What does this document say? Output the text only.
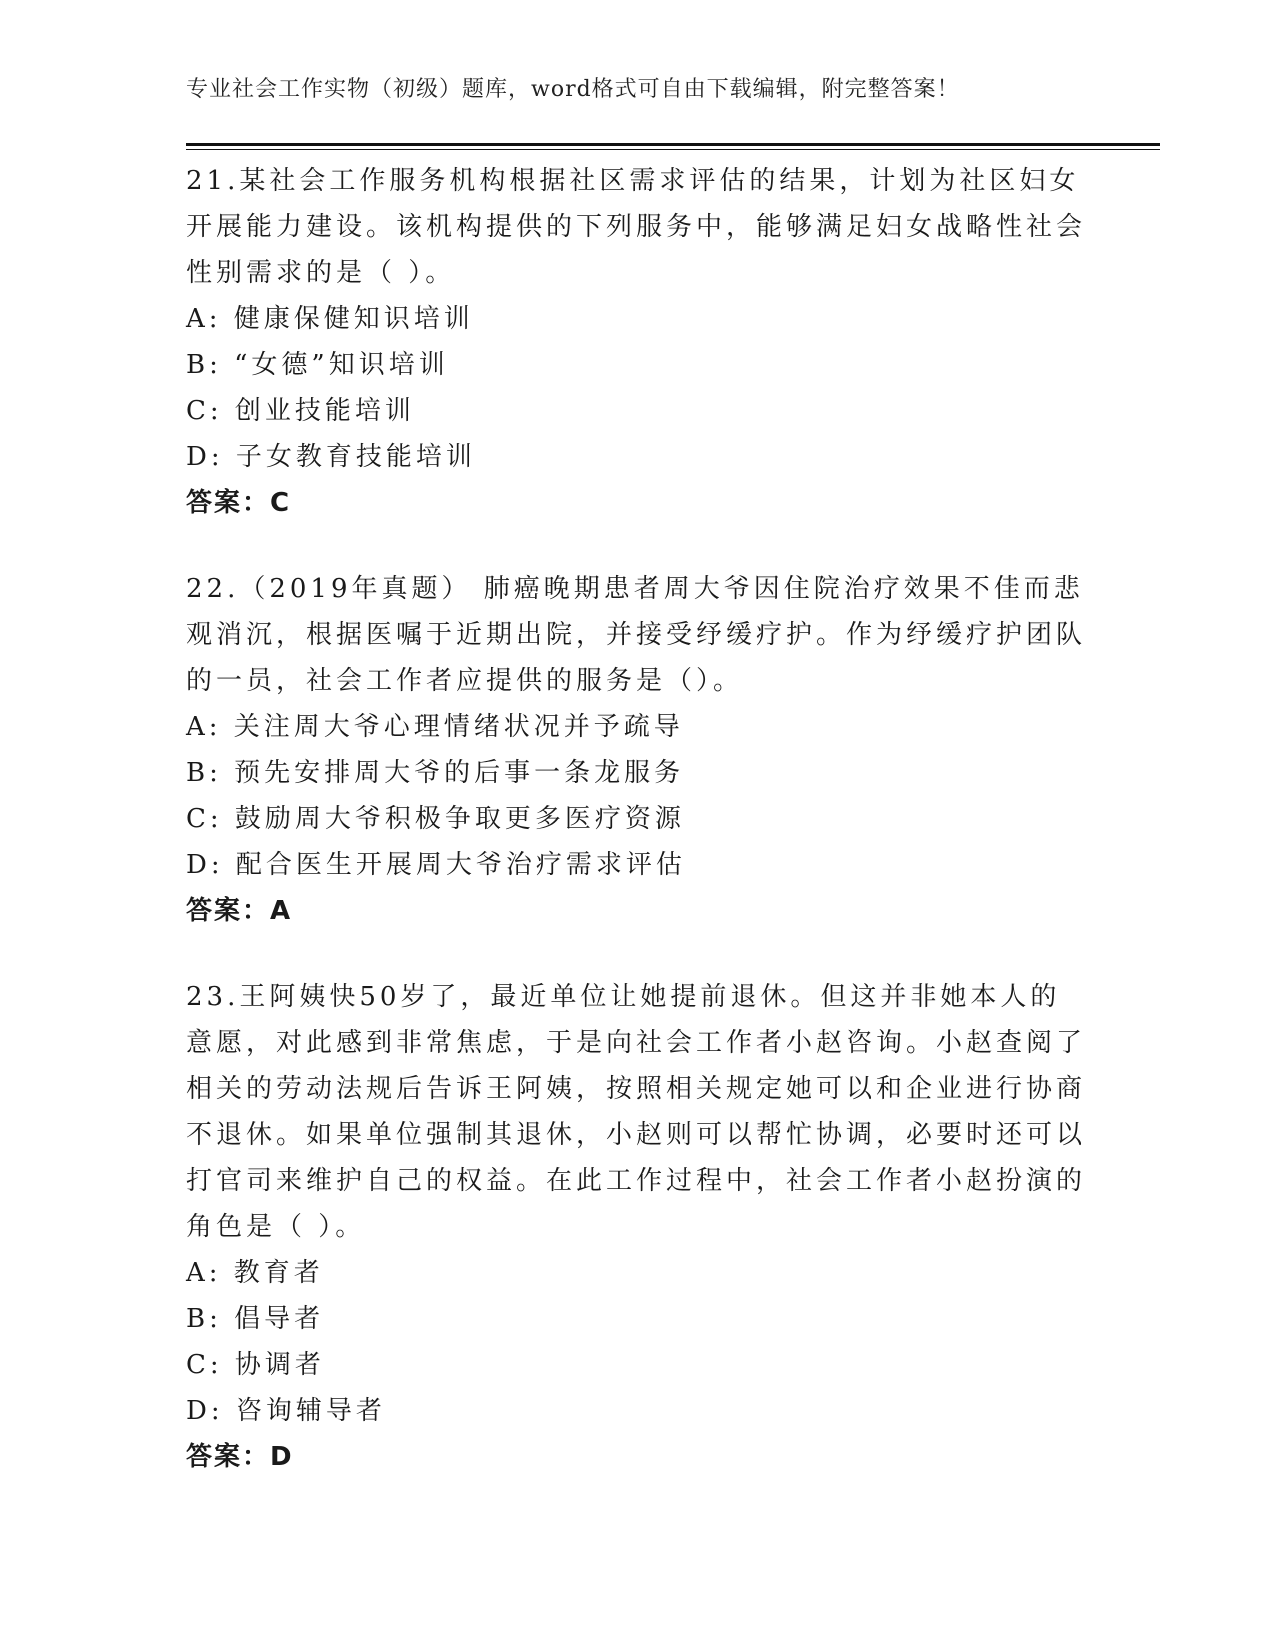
专业社会工作实物（初级）题库，word格式可自由下载编辑，附完整答案！

21.某社会工作服务机构根据社区需求评估的结果，计划为社区妇女开展能力建设。该机构提供的下列服务中，能够满足妇女战略性社会性别需求的是（ ）。

A: 健康保健知识培训

B: “女德”知识培训

C: 创业技能培训

D: 子女教育技能培训

答案：C

22.（2019年真题） 肺癌晚期患者周大爷因住院治疗效果不佳而悲观消沉，根据医嘱于近期出院，并接受纾缓疗护。作为纾缓疗护团队的一员，社会工作者应提供的服务是（）。

A: 关注周大爷心理情绪状况并予疏导

B: 预先安排周大爷的后事一条龙服务

C: 鼓励周大爷积极争取更多医疗资源

D: 配合医生开展周大爷治疗需求评估

答案：A

23.王阿姨快50岁了，最近单位让她提前退休。但这并非她本人的意愿，对此感到非常焦虑，于是向社会工作者小赵咨询。小赵查阅了相关的劳动法规后告诉王阿姨，按照相关规定她可以和企业进行协商不退休。如果单位强制其退休，小赵则可以帮忙协调，必要时还可以打官司来维护自己的权益。在此工作过程中，社会工作者小赵扮演的角色是（ ）。

A: 教育者

B: 倡导者

C: 协调者

D: 咨询辅导者

答案：D
